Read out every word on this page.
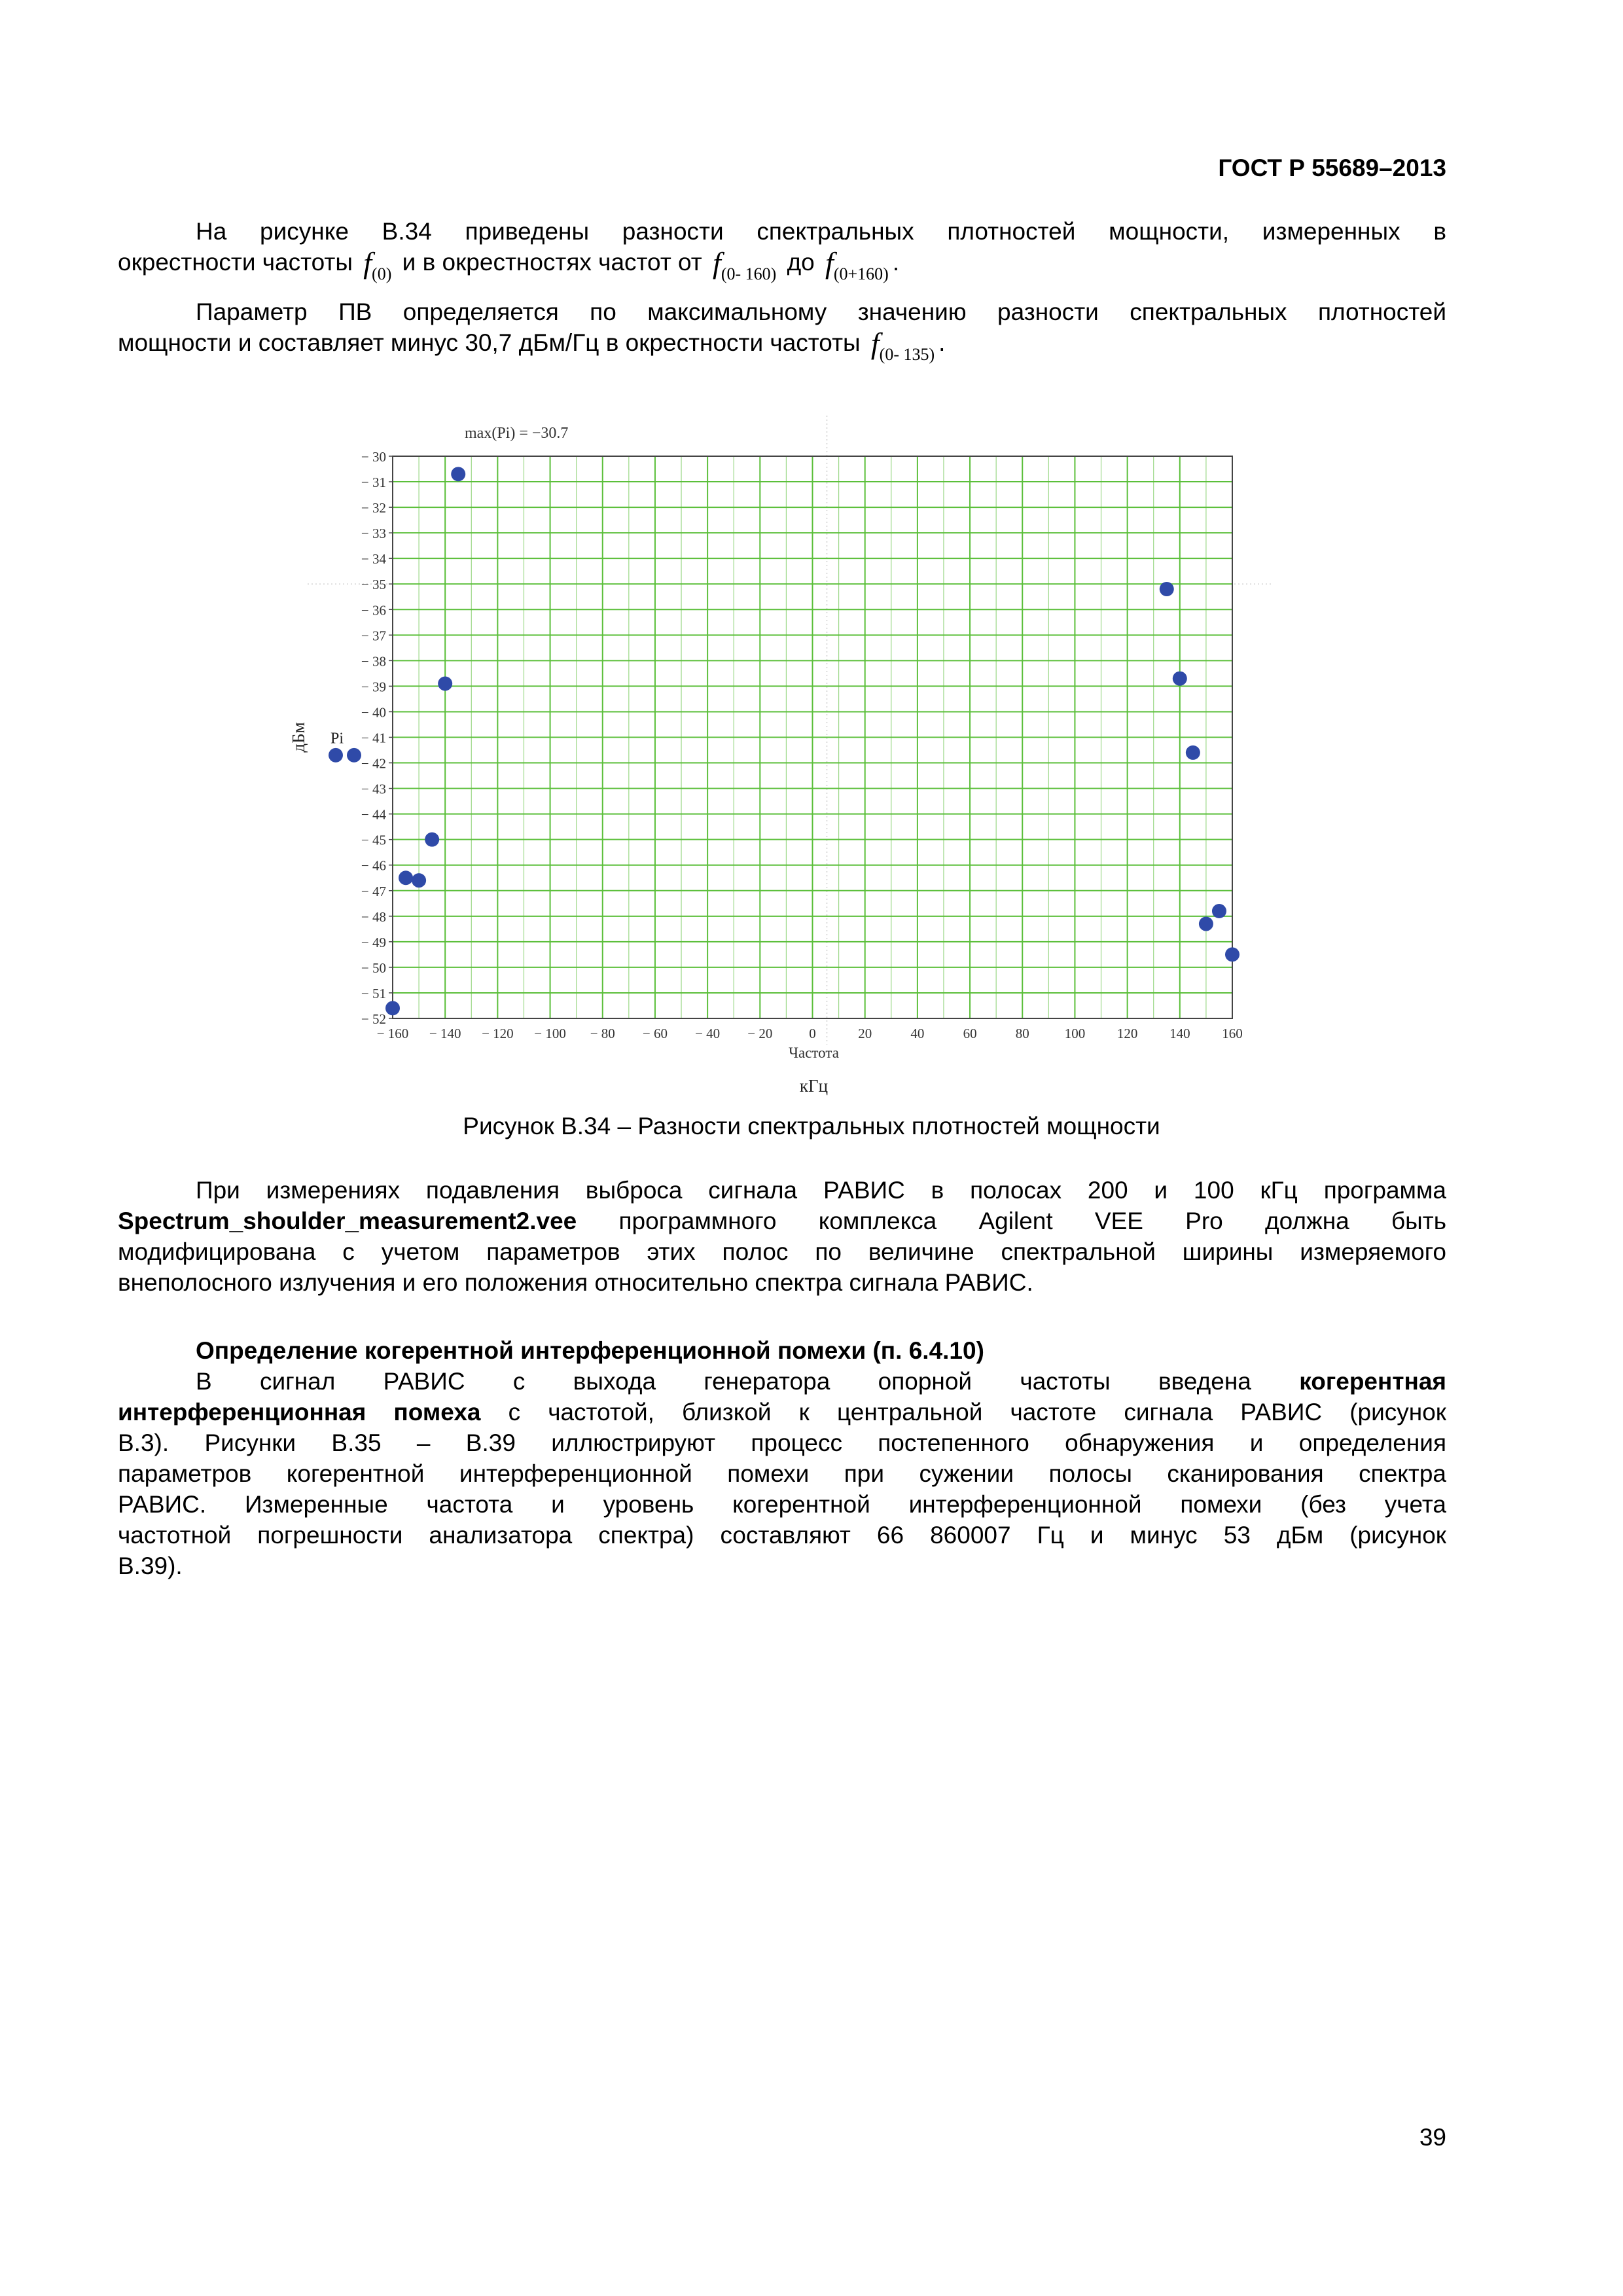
ГОСТ Р 55689–2013

На рисунке В.34 приведены разности спектральных плотностей мощности, измеренных в

окрестности частоты $f_{(0)}$ и в окрестностях частот от $f_{(0- 160)}$ до $f_{(0+160)}$ .

Параметр ПВ определяется по максимальному значению разности спектральных плотностей

мощности и составляет минус 30,7 дБм/Гц в окрестности частоты $f_{(0- 135)}$ .

− 30
− 31
− 32
− 33
− 34
− 35
− 36
− 37
− 38
− 39
− 40
− 41
− 42
− 43
− 44
− 45
− 46
− 47
− 48
− 49
− 50
− 51
− 52
− 160 − 140 − 120 − 100 − 80 − 60 − 40 − 20	0	20	40	60	80	100 120 140 160
max(Pi) = −30.7
дБм Pi
Частота
кГц
Рисунок В.34 – Разности спектральных плотностей мощности

При измерениях подавления выброса сигнала РАВИС в полосах 200 и 100 кГц программа

Spectrum_shoulder_measurement2.vee программного комплекса Agilent VEE Pro должна быть

модифицирована с учетом параметров этих полос по величине спектральной ширины измеряемого

внеполосного излучения и его положения относительно спектра сигнала РАВИС.

Определение когерентной интерференционной помехи (п. 6.4.10)

В сигнал РАВИС с выхода генератора опорной частоты введена когерентная

интерференционная помеха с частотой, близкой к центральной частоте сигнала РАВИС (рисунок

В.3). Рисунки В.35 – В.39 иллюстрируют процесс постепенного обнаружения и определения

параметров когерентной интерференционной помехи при сужении полосы сканирования спектра

РАВИС. Измеренные частота и уровень когерентной интерференционной помехи (без учета

частотной погрешности анализатора спектра) составляют 66 860007 Гц и минус 53 дБм (рисунок

В.39).

39
